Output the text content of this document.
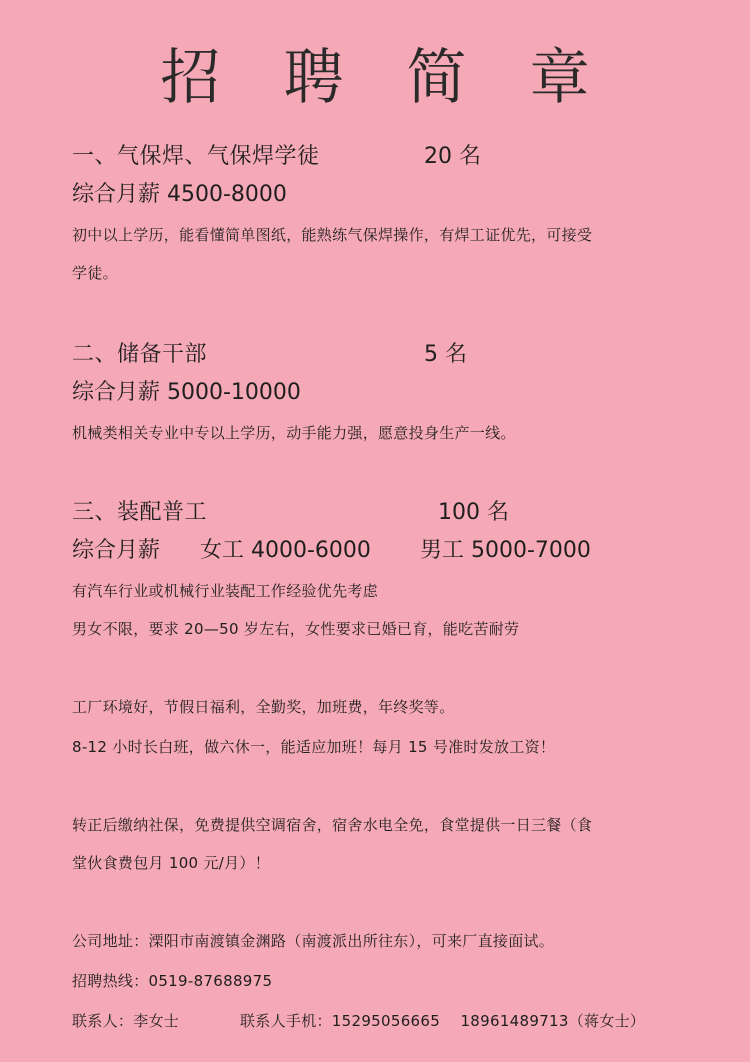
招 聘 简 章
一、气保焊、气保焊学徒	20 名
综合月薪 4500-8000
初中以上学历，能看懂简单图纸，能熟练气保焊操作，有焊工证优先，可接受
学徒。
二、储备干部	5 名
综合月薪 5000-10000
机械类相关专业中专以上学历，动手能力强，愿意投身生产一线。
三、装配普工	100 名
综合月薪 女工 4000-6000 男工 5000-7000
有汽车行业或机械行业装配工作经验优先考虑
男女不限，要求 20—50 岁左右，女性要求已婚已育，能吃苦耐劳
工厂环境好，节假日福利，全勤奖，加班费，年终奖等。
8-12 小时长白班，做六休一，能适应加班！每月 15 号准时发放工资！
转正后缴纳社保，免费提供空调宿舍，宿舍水电全免，食堂提供一日三餐（食
堂伙食费包月 100 元/月）！
公司地址：溧阳市南渡镇金渊路（南渡派出所往东），可来厂直接面试。
招聘热线：0519-87688975
联系人：李女士	联系人手机：15295056665　 18961489713（蒋女士）
